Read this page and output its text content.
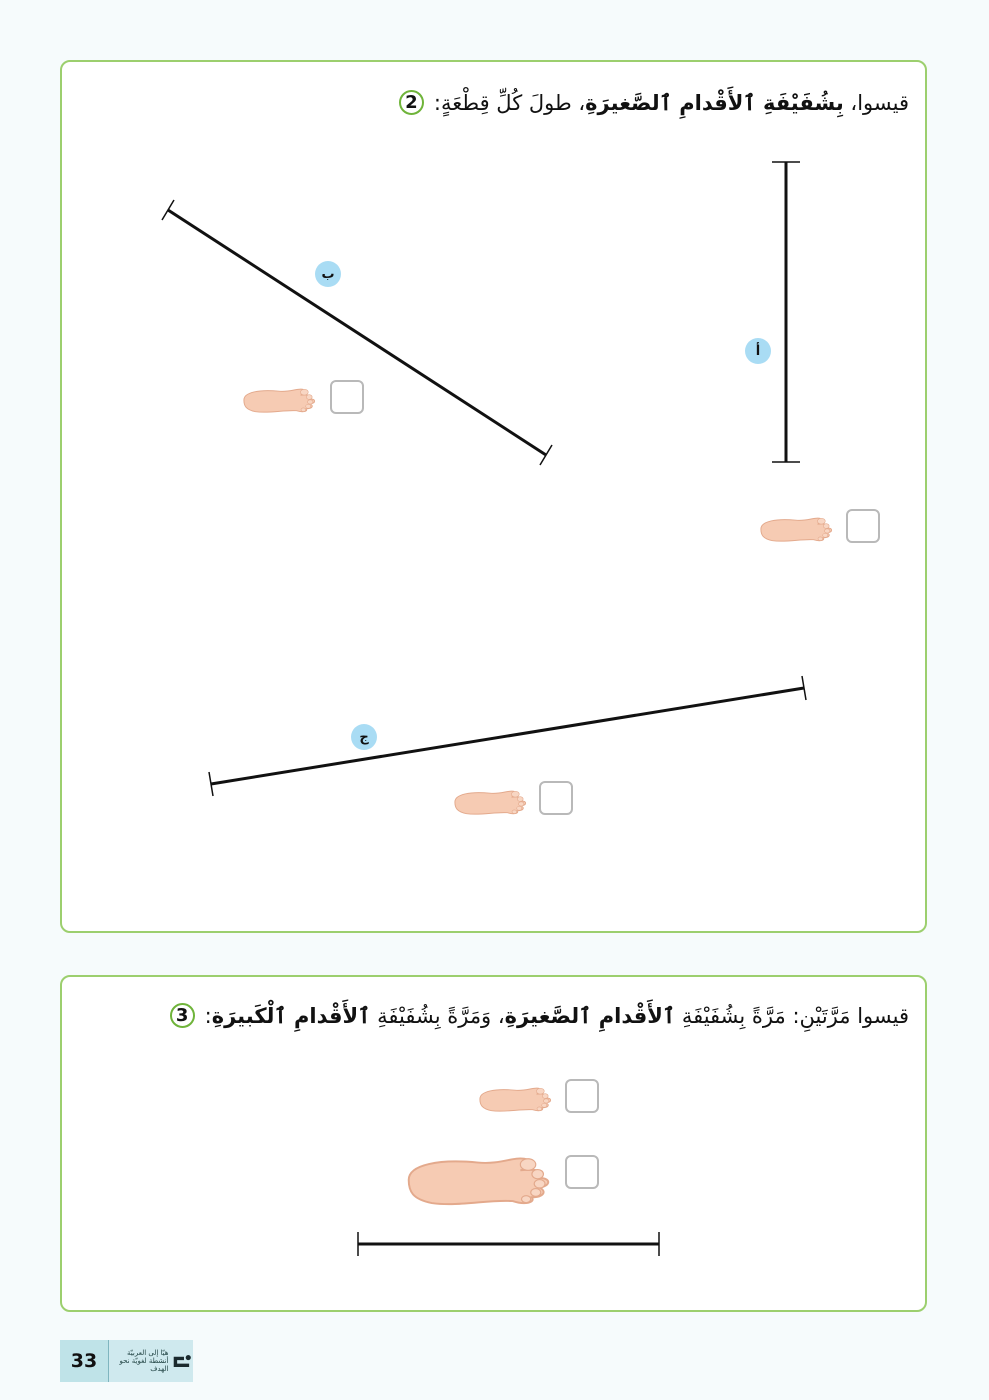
2	قيسوا، بِشُفَيْفَةِ ٱلأَقْدامِ ٱلصَّغيرَةِ، طولَ كُلِّ قِطْعَةٍ:
أ
ب
ج
3	قيسوا مَرَّتَيْنِ: مَرَّةً بِشُفَيْفَةِ ٱلأَقْدامِ ٱلصَّغيرَةِ، وَمَرَّةً بِشُفَيْفَةِ ٱلأَقْدامِ ٱلْكَبيرَةِ:
33	هيّا إلى العربيّة
أنشطة لغويّة نحو الهدف
